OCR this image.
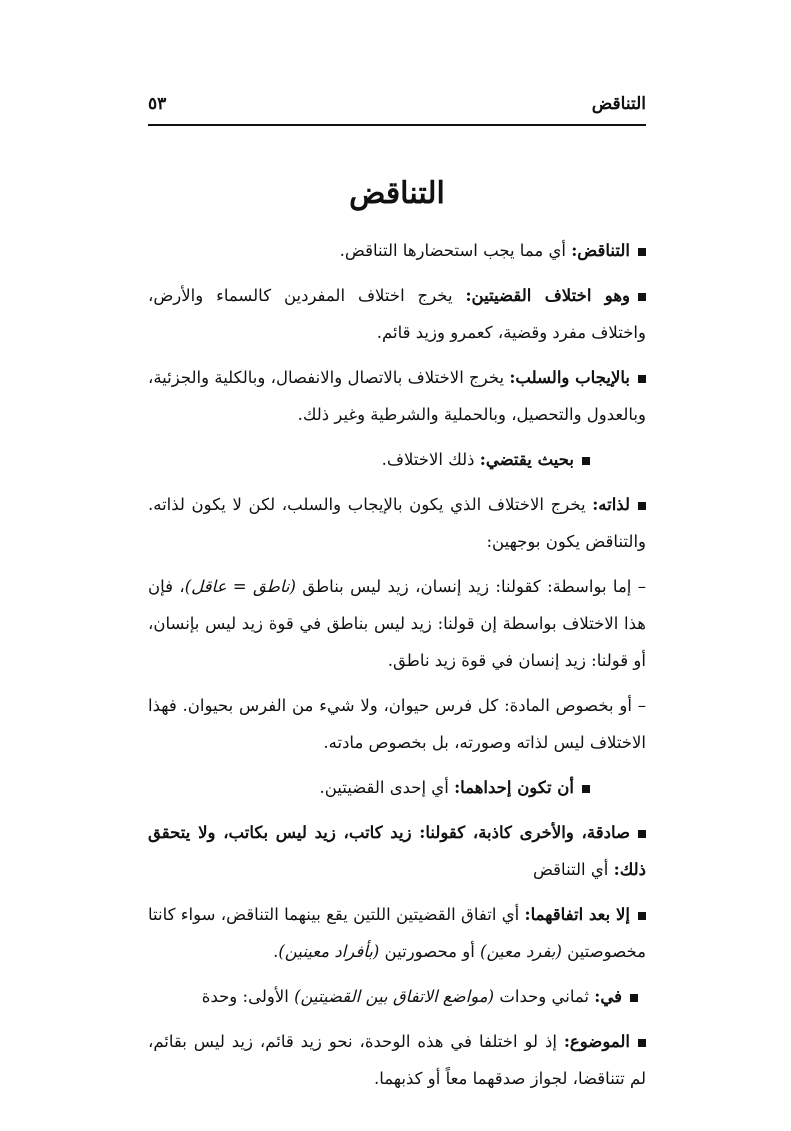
التناقض
٥٣
التناقض

التناقض: أي مما يجب استحضارها التناقض.

وهو اختلاف القضيتين: يخرج اختلاف المفردين كالسماء والأرض، واختلاف مفرد وقضية، كعمرو وزيد قائم.

بالإيجاب والسلب: يخرج الاختلاف بالاتصال والانفصال، وبالكلية والجزئية، وبالعدول والتحصيل، وبالحملية والشرطية وغير ذلك.

بحيث يقتضي: ذلك الاختلاف.

لذاته: يخرج الاختلاف الذي يكون بالإيجاب والسلب، لكن لا يكون لذاته. والتناقض يكون بوجهين:

– إما بواسطة: كقولنا: زيد إنسان، زيد ليس بناطق (ناطق = عاقل)، فإن هذا الاختلاف بواسطة إن قولنا: زيد ليس بناطق في قوة زيد ليس بإنسان، أو قولنا: زيد إنسان في قوة زيد ناطق.

– أو بخصوص المادة: كل فرس حيوان، ولا شيء من الفرس بحيوان. فهذا الاختلاف ليس لذاته وصورته، بل بخصوص مادته.

أن تكون إحداهما: أي إحدى القضيتين.

صادقة، والأخرى كاذبة، كقولنا: زيد كاتب، زيد ليس بكاتب، ولا يتحقق ذلك: أي التناقض

إلا بعد اتفاقهما: أي اتفاق القضيتين اللتين يقع بينهما التناقض، سواء كانتا مخصوصتين (بفرد معين) أو محصورتين (بأفراد معينين).

في: ثماني وحدات (مواضع الاتفاق بين القضيتين) الأولى: وحدة

الموضوع: إذ لو اختلفا في هذه الوحدة، نحو زيد قائم، زيد ليس بقائم، لم تتناقضا، لجواز صدقهما معاً أو كذبهما.
